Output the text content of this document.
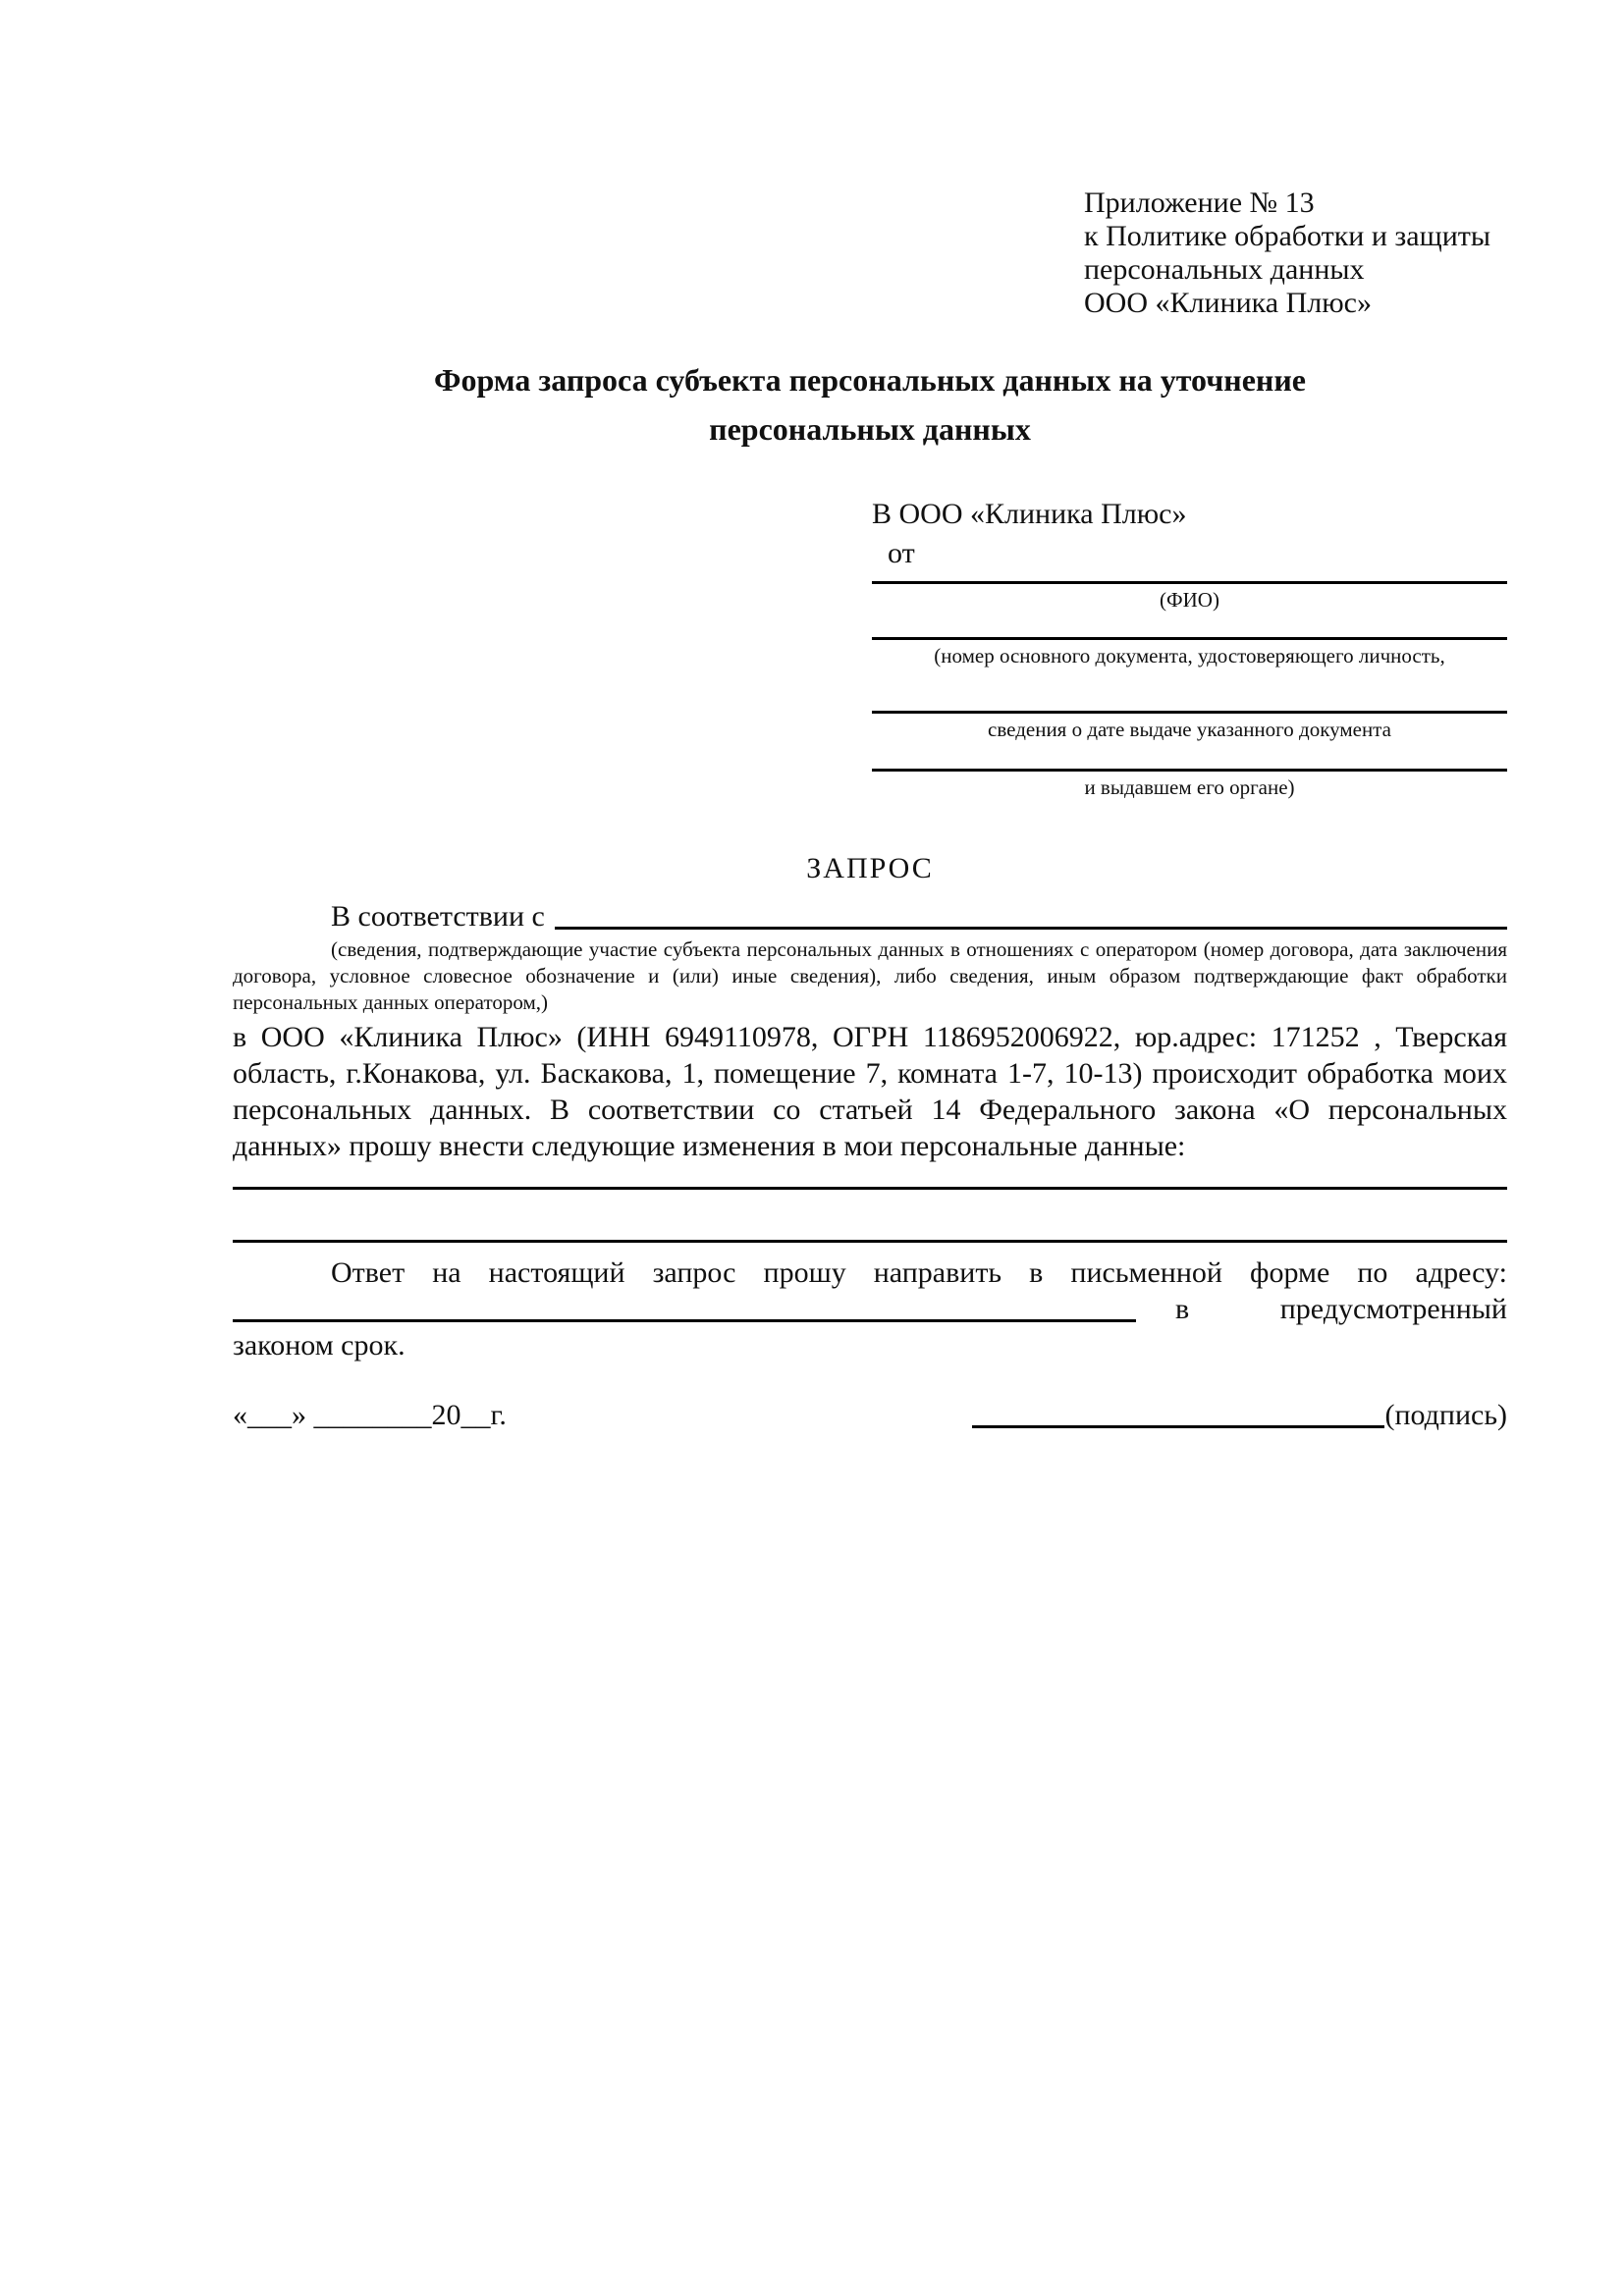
Приложение № 13
к Политике обработки и защиты
персональных данных
ООО «Клиника Плюс»
Форма запроса субъекта персональных данных на уточнение
персональных данных
В ООО «Клиника Плюс»
от
(ФИО)
(номер основного документа, удостоверяющего личность,
сведения о дате выдаче указанного документа
и выдавшем его органе)
ЗАПРОС
В соответствии с
(сведения, подтверждающие участие субъекта персональных данных в отношениях с оператором (номер договора, дата заключения договора, условное словесное обозначение и (или) иные сведения), либо сведения, иным образом подтверждающие факт обработки персональных данных оператором,)
в ООО «Клиника Плюс» (ИНН 6949110978, ОГРН 1186952006922, юр.адрес: 171252 , Тверская область, г.Конакова, ул. Баскакова, 1, помещение 7, комната 1-7, 10-13) происходит обработка моих персональных данных. В соответствии со статьей 14 Федерального закона «О персональных данных» прошу внести следующие изменения в мои персональные данные:
Ответ на настоящий запрос прошу направить в письменной форме по адресу:
в	предусмотренный
законом срок.
«___» ________20__г.	(подпись)
